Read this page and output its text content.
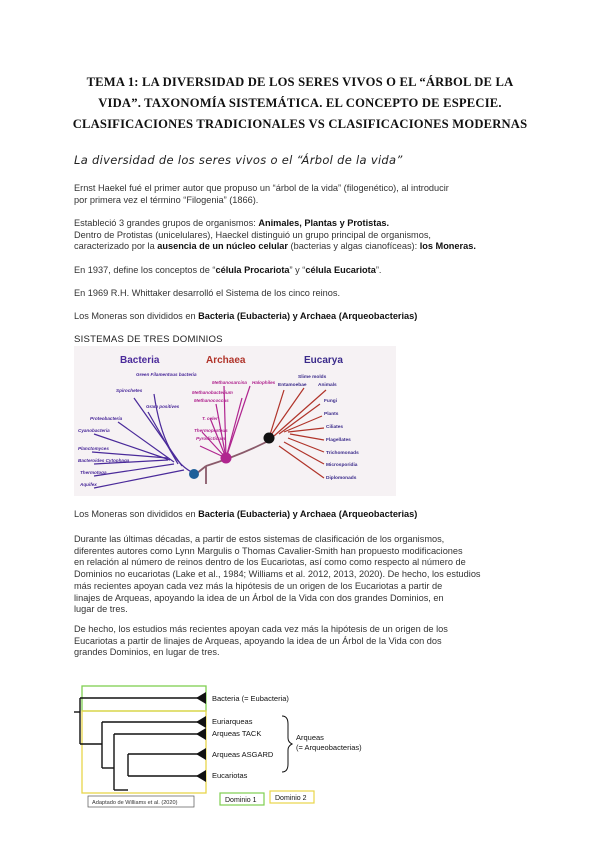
TEMA 1: LA DIVERSIDAD DE LOS SERES VIVOS O EL “ÁRBOL DE LA
VIDA”. TAXONOMÍA SISTEMÁTICA. EL CONCEPTO DE ESPECIE.
CLASIFICACIONES TRADICIONALES VS CLASIFICACIONES MODERNAS
La diversidad de los seres vivos o el “Árbol de la vida”
Ernst Haekel fué el primer autor que propuso un “árbol de la vida” (filogenético), al introducir
por primera vez el término “Filogenia” (1866).
Estableció 3 grandes grupos de organismos: Animales, Plantas y Protistas.
Dentro de Protistas (unicelulares), Haeckel distinguió un grupo principal de organismos,
caracterizado por la ausencia de un núcleo celular (bacterias y algas cianofíceas): los Moneras.
En 1937, define los conceptos de “célula Procariota” y “célula Eucariota”.
En 1969 R.H. Whittaker desarrolló el Sistema de los cinco reinos.
Los Moneras son divididos en Bacteria (Eubacteria) y Archaea (Arqueobacterias)
SISTEMAS DE TRES DOMINIOS
Bacteria	Archaea	Eucarya
Green Filamentous bacteria
Spirochetes
Gram positives
Proteobacteria
Cyanobacteria
Planctomyces
Bacteroides Cytophaga
Thermotoga
Aquifex
Methanosarcina
Methanobacterium
Methanococcus
T. celer
Thermoproteus
Pyrodicticum
Halophiles
Entamoebae
Slime molds
Animals
Fungi
Plants
Ciliates
Flagellates
Trichomonads
Microsporidia
Diplomonads
Los Moneras son divididos en Bacteria (Eubacteria) y Archaea (Arqueobacterias)
Durante las últimas décadas, a partir de estos sistemas de clasificación de los organismos,
diferentes autores como Lynn Margulis o Thomas Cavalier-Smith han propuesto modificaciones
en relación al número de reinos dentro de los Eucariotas, así como como respecto al número de
Dominios no eucariotas (Lake et al., 1984; Williams et al. 2012, 2013, 2020). De hecho, los estudios
más recientes apoyan cada vez más la hipótesis de un origen de los Eucariotas a partir de
linajes de Arqueas, apoyando la idea de un Árbol de la Vida con dos grandes Dominios, en
lugar de tres.
De hecho, los estudios más recientes apoyan cada vez más la hipótesis de un origen de los
Eucariotas a partir de linajes de Arqueas, apoyando la idea de un Árbol de la Vida con dos
grandes Dominios, en lugar de tres.
Bacteria (= Eubacteria)
Euriarqueas
Arqueas TACK
Arqueas ASGARD
Eucariotas
Arqueas
(= Arqueobacterias)
Adaptado de Williams et al. (2020)	Dominio 1	Dominio 2
